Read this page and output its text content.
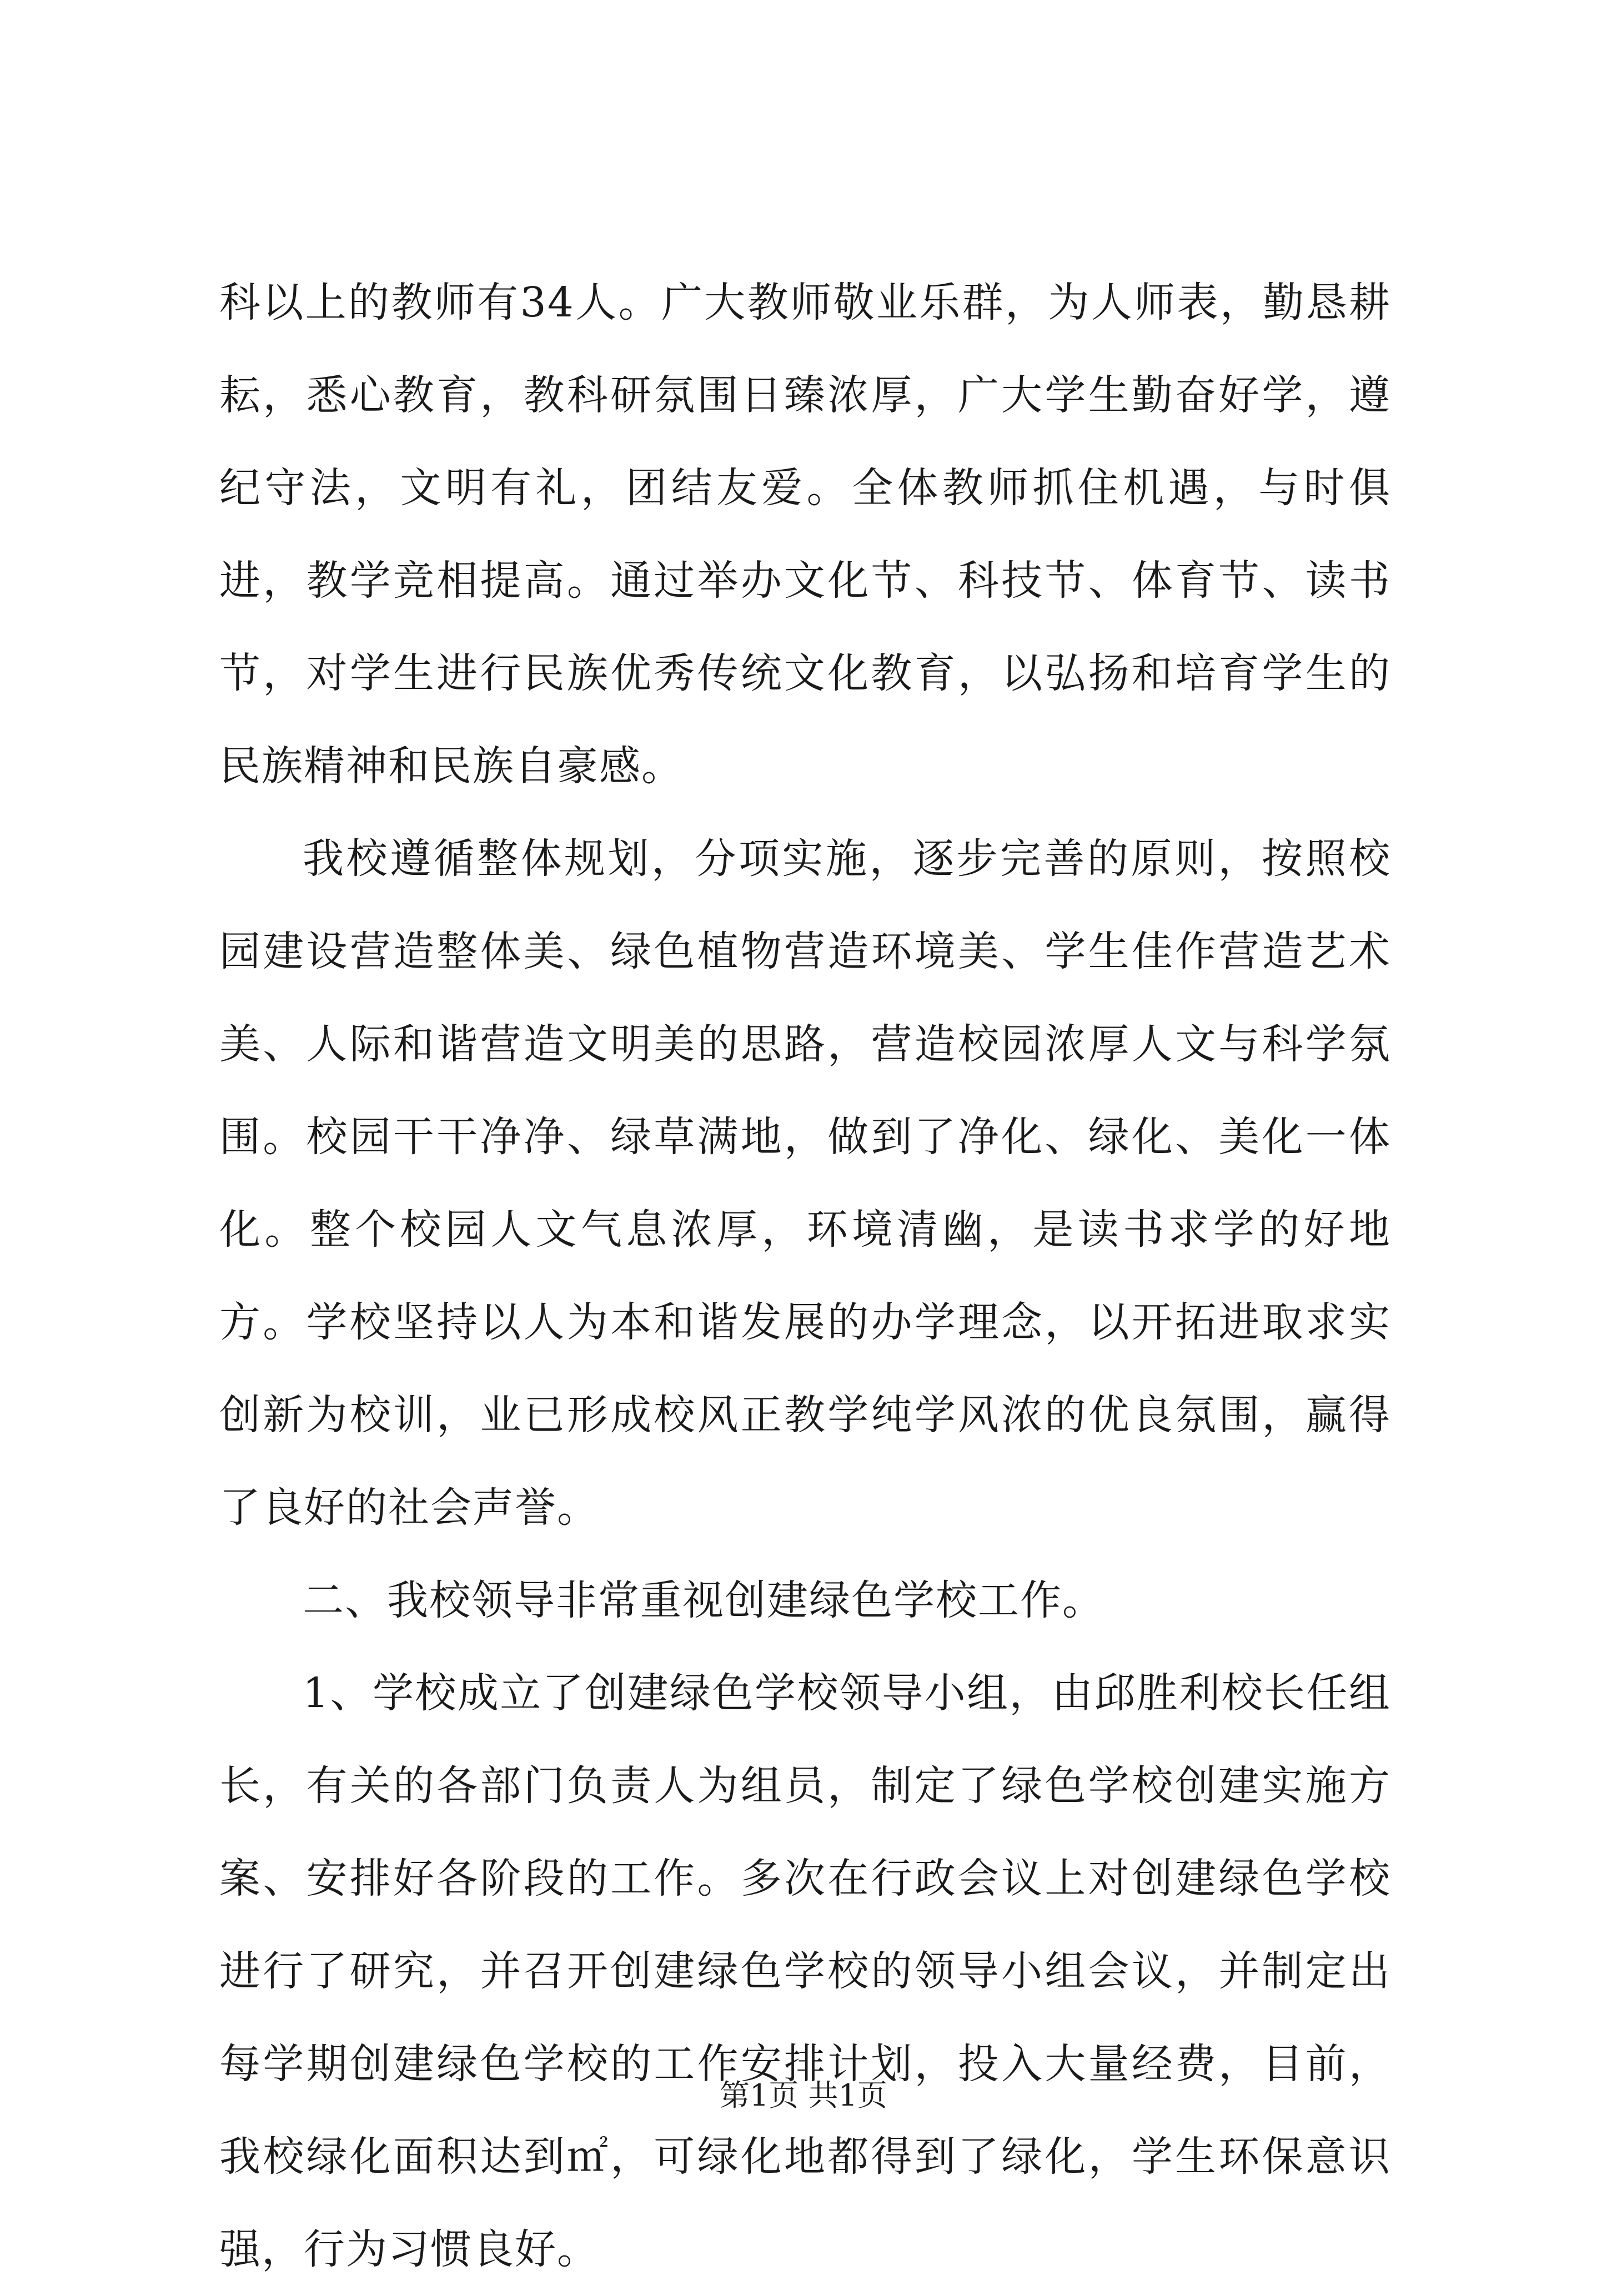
科以上的教师有34人。广大教师敬业乐群，为人师表，勤恳耕耘，悉心教育，教科研氛围日臻浓厚，广大学生勤奋好学，遵纪守法，文明有礼，团结友爱。全体教师抓住机遇，与时俱进，教学竞相提高。通过举办文化节、科技节、体育节、读书节，对学生进行民族优秀传统文化教育，以弘扬和培育学生的民族精神和民族自豪感。

我校遵循整体规划，分项实施，逐步完善的原则，按照校园建设营造整体美、绿色植物营造环境美、学生佳作营造艺术美、人际和谐营造文明美的思路，营造校园浓厚人文与科学氛围。校园干干净净、绿草满地，做到了净化、绿化、美化一体化。整个校园人文气息浓厚，环境清幽，是读书求学的好地方。学校坚持以人为本和谐发展的办学理念，以开拓进取求实创新为校训，业已形成校风正教学纯学风浓的优良氛围，赢得了良好的社会声誉。

二、我校领导非常重视创建绿色学校工作。

1、学校成立了创建绿色学校领导小组，由邱胜利校长任组长，有关的各部门负责人为组员，制定了绿色学校创建实施方案、安排好各阶段的工作。多次在行政会议上对创建绿色学校进行了研究，并召开创建绿色学校的领导小组会议，并制定出每学期创建绿色学校的工作安排计划，投入大量经费，目前，我校绿化面积达到㎡，可绿化地都得到了绿化，学生环保意识强，行为习惯良好。

第1页 共1页
